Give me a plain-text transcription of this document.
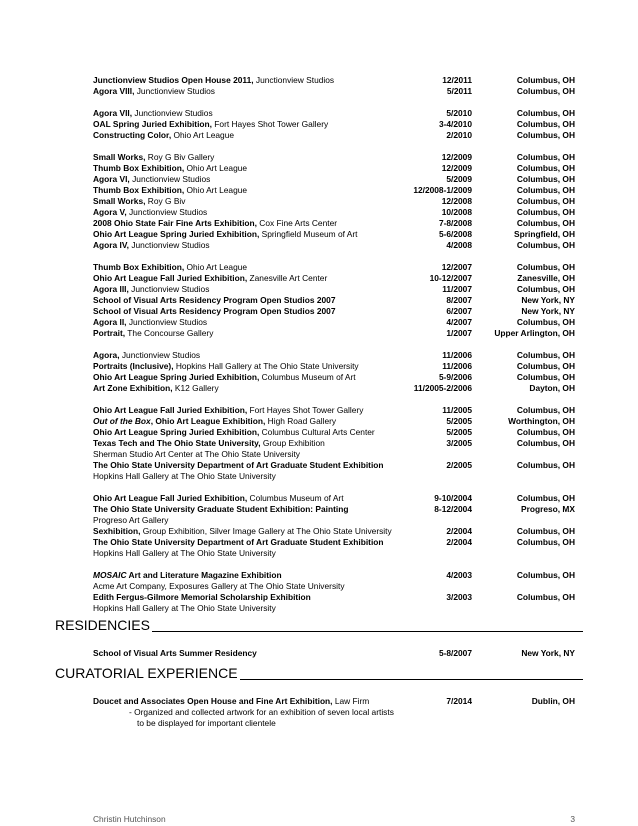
Junctionview Studios Open House 2011, Junctionview Studios	12/2011	Columbus, OH
Agora VIII, Junctionview Studios	5/2011	Columbus, OH
Agora VII, Junctionview Studios	5/2010	Columbus, OH
OAL Spring Juried Exhibition, Fort Hayes Shot Tower Gallery	3-4/2010	Columbus, OH
Constructing Color, Ohio Art League	2/2010	Columbus, OH
Small Works, Roy G Biv Gallery	12/2009	Columbus, OH
Thumb Box Exhibition, Ohio Art League	12/2009	Columbus, OH
Agora VI, Junctionview Studios	5/2009	Columbus, OH
Thumb Box Exhibition, Ohio Art League	12/2008-1/2009	Columbus, OH
Small Works, Roy G Biv	12/2008	Columbus, OH
Agora V, Junctionview Studios	10/2008	Columbus, OH
2008 Ohio State Fair Fine Arts Exhibition, Cox Fine Arts Center	7-8/2008	Columbus, OH
Ohio Art League Spring Juried Exhibition, Springfield Museum of Art	5-6/2008	Springfield, OH
Agora IV, Junctionview Studios	4/2008	Columbus, OH
Thumb Box Exhibition, Ohio Art League	12/2007	Columbus, OH
Ohio Art League Fall Juried Exhibition, Zanesville Art Center	10-12/2007	Zanesville, OH
Agora III, Junctionview Studios	11/2007	Columbus, OH
School of Visual Arts Residency Program Open Studios 2007	8/2007	New York, NY
School of Visual Arts Residency Program Open Studios 2007	6/2007	New York, NY
Agora II, Junctionview Studios	4/2007	Columbus, OH
Portrait, The Concourse Gallery	1/2007	Upper Arlington, OH
Agora, Junctionview Studios	11/2006	Columbus, OH
Portraits (Inclusive), Hopkins Hall Gallery at The Ohio State University	11/2006	Columbus, OH
Ohio Art League Spring Juried Exhibition, Columbus Museum of Art	5-9/2006	Columbus, OH
Art Zone Exhibition, K12 Gallery	11/2005-2/2006	Dayton, OH
Ohio Art League Fall Juried Exhibition, Fort Hayes Shot Tower Gallery	11/2005	Columbus, OH
Out of the Box, Ohio Art League Exhibition, High Road Gallery	5/2005	Worthington, OH
Ohio Art League Spring Juried Exhibition, Columbus Cultural Arts Center	5/2005	Columbus, OH
Texas Tech and The Ohio State University, Group Exhibition	3/2005	Columbus, OH
Sherman Studio Art Center at The Ohio State University
The Ohio State University Department of Art Graduate Student Exhibition	2/2005	Columbus, OH
Hopkins Hall Gallery at The Ohio State University
Ohio Art League Fall Juried Exhibition, Columbus Museum of Art	9-10/2004	Columbus, OH
The Ohio State University Graduate Student Exhibition: Painting	8-12/2004	Progreso, MX
Progreso Art Gallery
Sexhibition, Group Exhibition, Silver Image Gallery at The Ohio State University	2/2004	Columbus, OH
The Ohio State University Department of Art Graduate Student Exhibition	2/2004	Columbus, OH
Hopkins Hall Gallery at The Ohio State University
MOSAIC Art and Literature Magazine Exhibition	4/2003	Columbus, OH
Acme Art Company, Exposures Gallery at The Ohio State University
Edith Fergus-Gilmore Memorial Scholarship Exhibition	3/2003	Columbus, OH
Hopkins Hall Gallery at The Ohio State University
RESIDENCIES
School of Visual Arts Summer Residency	5-8/2007	New York, NY
CURATORIAL EXPERIENCE
Doucet and Associates Open House and Fine Art Exhibition, Law Firm	7/2014	Dublin, OH
- Organized and collected artwork for an exhibition of seven local artists
to be displayed for important clientele
Christin Hutchinson	3
